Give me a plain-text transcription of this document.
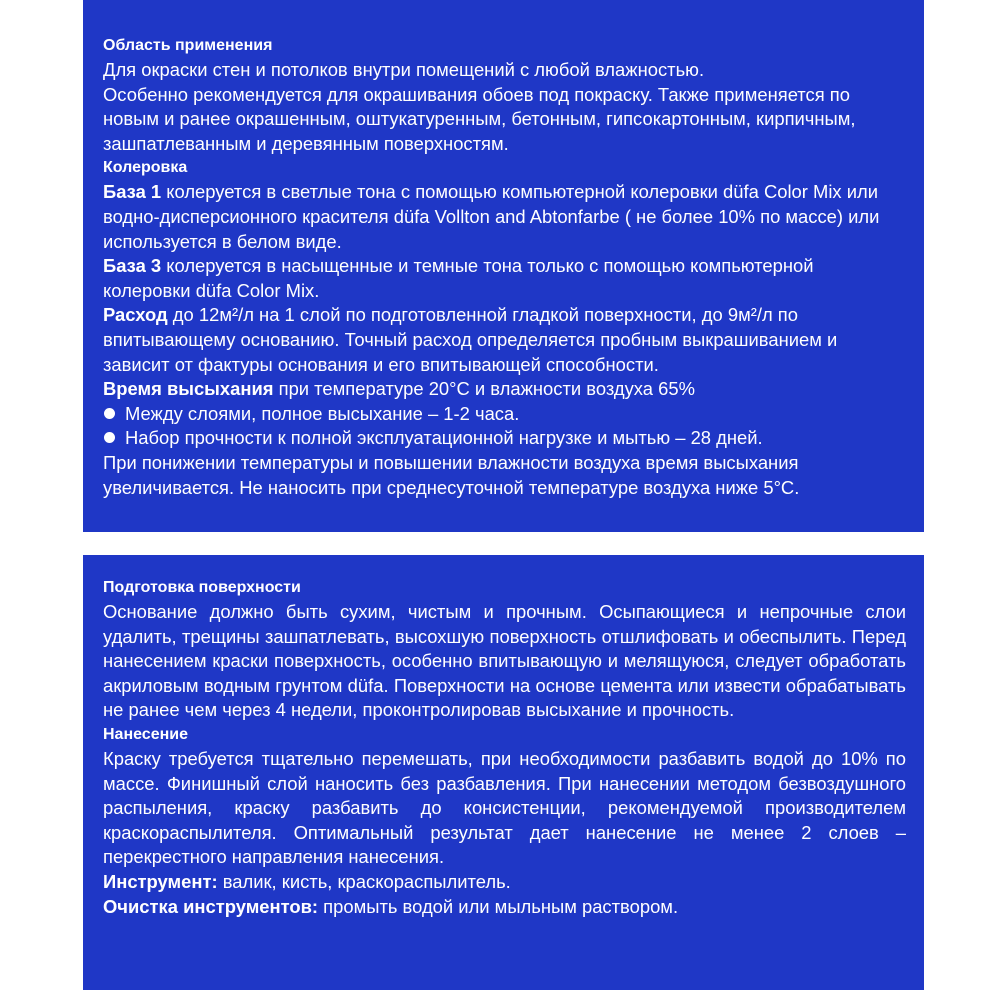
Область применения

Для окраски стен и потолков внутри помещений с любой влажностью.

Особенно рекомендуется для окрашивания обоев под покраску. Также применяется по новым и ранее окрашенным, оштукатуренным, бетонным, гипсокартонным, кирпичным, зашпатлеванным и деревянным поверхностям.

Колеровка

База 1 колеруется в светлые тона с помощью компьютерной колеровки düfa Color Mix или водно-дисперсионного красителя düfa Vollton and Abtonfarbe ( не более 10% по массе) или используется в белом виде.

База 3 колеруется в насыщенные и темные тона только с помощью компьютерной колеровки düfa Color Mix.

Расход до 12м²/л на 1 слой по подготовленной гладкой поверхности, до 9м²/л по впитывающему основанию. Точный расход определяется пробным выкрашиванием и зависит от фактуры основания и его впитывающей способности.

Время высыхания при температуре 20°С и влажности воздуха 65%

Между слоями, полное высыхание – 1-2 часа.
Набор прочности к полной эксплуатационной нагрузке и мытью – 28 дней.

При понижении температуры и повышении влажности воздуха время высыхания увеличивается. Не наносить при среднесуточной температуре воздуха ниже 5°С.

Подготовка поверхности

Основание должно быть сухим, чистым и прочным. Осыпающиеся и непрочные слои удалить, трещины зашпатлевать, высохшую поверхность отшлифовать и обеспылить. Перед нанесением краски поверхность, особенно впитывающую и мелящуюся, следует обработать акриловым водным грунтом düfa. Поверхности на основе цемента или извести обрабатывать не ранее чем через 4 недели, проконтролировав высыхание и прочность.

Нанесение

Краску требуется тщательно перемешать, при необходимости разбавить водой до 10% по массе. Финишный слой наносить без разбавления. При нанесении методом безвоздушного распыления, краску разбавить до консистенции, рекомендуемой производителем краскораспылителя. Оптимальный результат дает нанесение не менее 2 слоев – перекрестного направления нанесения.

Инструмент: валик, кисть, краскораспылитель.

Очистка инструментов: промыть водой или мыльным раствором.
